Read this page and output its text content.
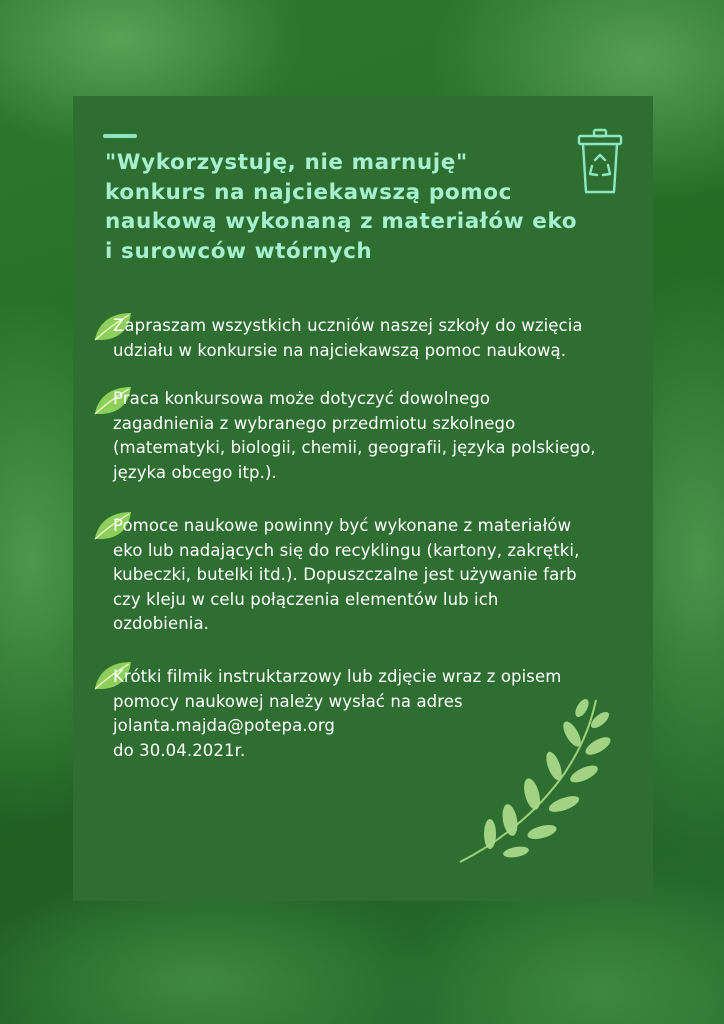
"Wykorzystuję, nie marnuję"
konkurs na najciekawszą pomoc
naukową wykonaną z materiałów eko
i surowców wtórnych

Zapraszam wszystkich uczniów naszej szkoły do wzięcia
udziału w konkursie na najciekawszą pomoc naukową.

Praca konkursowa może dotyczyć dowolnego
zagadnienia z wybranego przedmiotu szkolnego
(matematyki, biologii, chemii, geografii, języka polskiego,
języka obcego itp.).

Pomoce naukowe powinny być wykonane z materiałów
eko lub nadających się do recyklingu (kartony, zakrętki,
kubeczki, butelki itd.). Dopuszczalne jest używanie farb
czy kleju w celu połączenia elementów lub ich
ozdobienia.

Krótki filmik instruktarzowy lub zdjęcie wraz z opisem
pomocy naukowej należy wysłać na adres
jolanta.majda@potepa.org
do 30.04.2021r.
